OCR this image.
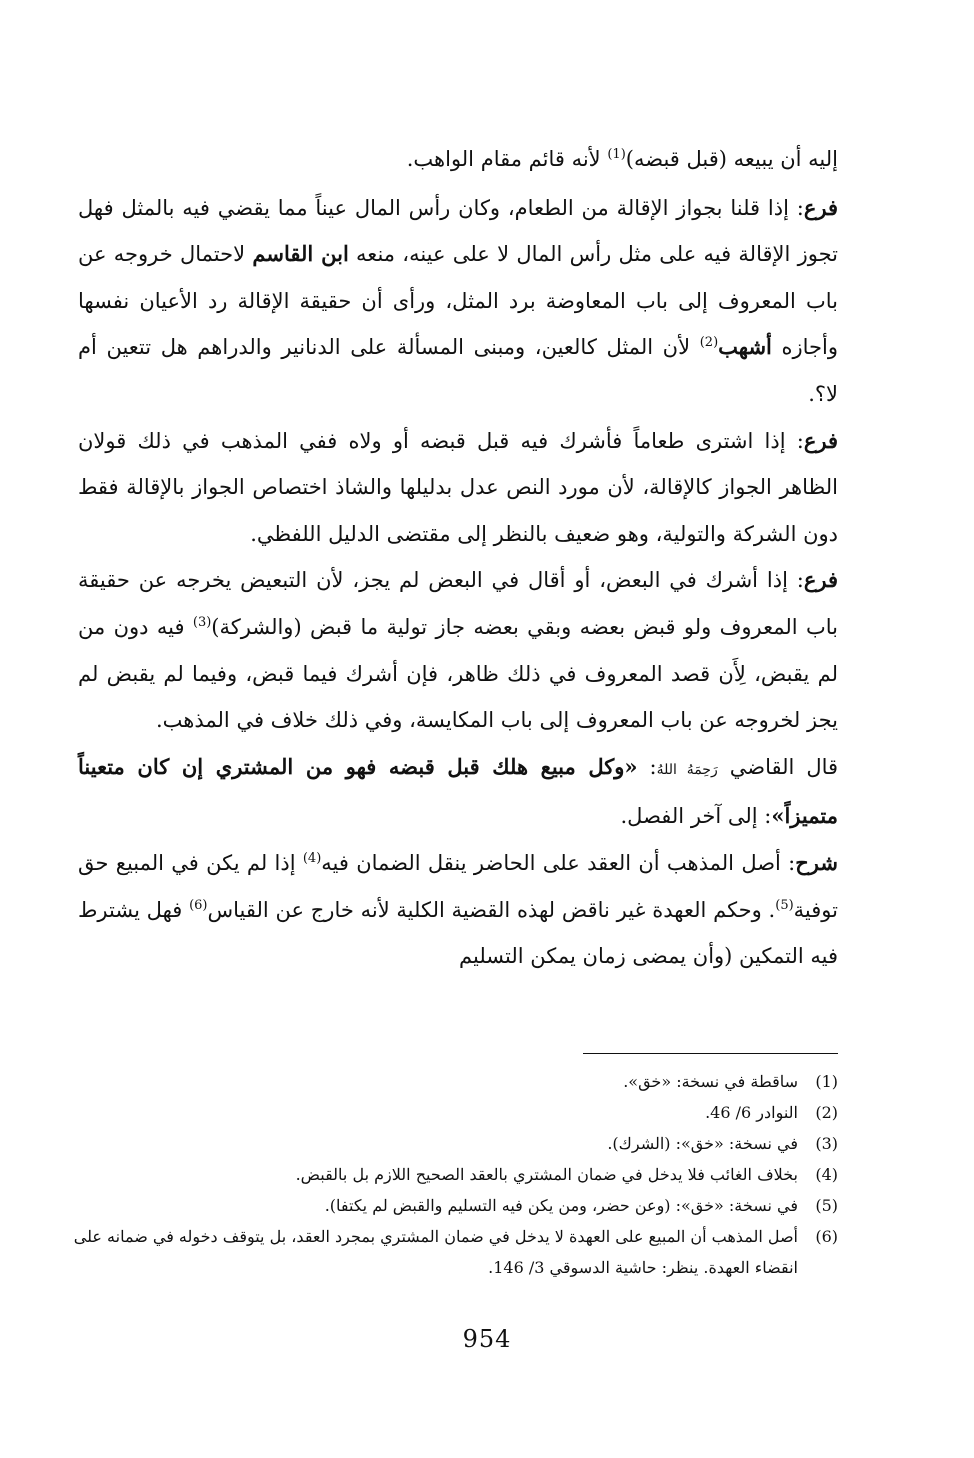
إليه أن يبيعه (قبل قبضه)$^{(1)}$ لأنه قائم مقام الواهب.

فرع: إذا قلنا بجواز الإقالة من الطعام، وكان رأس المال عيناً مما يقضي فيه بالمثل فهل تجوز الإقالة فيه على مثل رأس المال لا على عينه، منعه ابن القاسم لاحتمال خروجه عن باب المعروف إلى باب المعاوضة برد المثل، ورأى أن حقيقة الإقالة رد الأعيان نفسها وأجازه أشهب$^{(2)}$ لأن المثل كالعين، ومبنى المسألة على الدنانير والدراهم هل تتعين أم لا؟.

فرع: إذا اشترى طعاماً فأشرك فيه قبل قبضه أو ولاه ففي المذهب في ذلك قولان الظاهر الجواز كالإقالة، لأن مورد النص عدل بدليلها والشاذ اختصاص الجواز بالإقالة فقط دون الشركة والتولية، وهو ضعيف بالنظر إلى مقتضى الدليل اللفظي.

فرع: إذا أشرك في البعض، أو أقال في البعض لم يجز، لأن التبعيض يخرجه عن حقيقة باب المعروف ولو قبض بعضه وبقي بعضه جاز تولية ما قبض (والشركة)$^{(3)}$ فيه دون من لم يقبض، لِأَن قصد المعروف في ذلك ظاهر، فإن أشرك فيما قبض، وفيما لم يقبض لم يجز لخروجه عن باب المعروف إلى باب المكايسة، وفي ذلك خلاف في المذهب.

قال القاضي رَحِمَهُ اللهُ: «وكل مبيع هلك قبل قبضه فهو من المشتري إن كان متعيناً متميزاً»: إلى آخر الفصل.

شرح: أصل المذهب أن العقد على الحاضر ينقل الضمان فيه$^{(4)}$ إذا لم يكن في المبيع حق توفية$^{(5)}$. وحكم العهدة غير ناقض لهذه القضية الكلية لأنه خارج عن القياس$^{(6)}$ فهل يشترط فيه التمكين (وأن يمضى زمان يمكن التسليم

(1)
ساقطة في نسخة: «خق».
(2)
النوادر 6/ 46.
(3)
في نسخة: «خق»: (الشرك).
(4)
بخلاف الغائب فلا يدخل في ضمان المشتري بالعقد الصحيح اللازم بل بالقبض.
(5)
في نسخة: «خق»: (وعن حضر، ومن يكن فيه التسليم والقبض لم يكتفا).
(6)
أصل المذهب أن المبيع على العهدة لا يدخل في ضمان المشتري بمجرد العقد، بل يتوقف دخوله في ضمانه على انقضاء العهدة. ينظر: حاشية الدسوقي 3/ 146.
954
